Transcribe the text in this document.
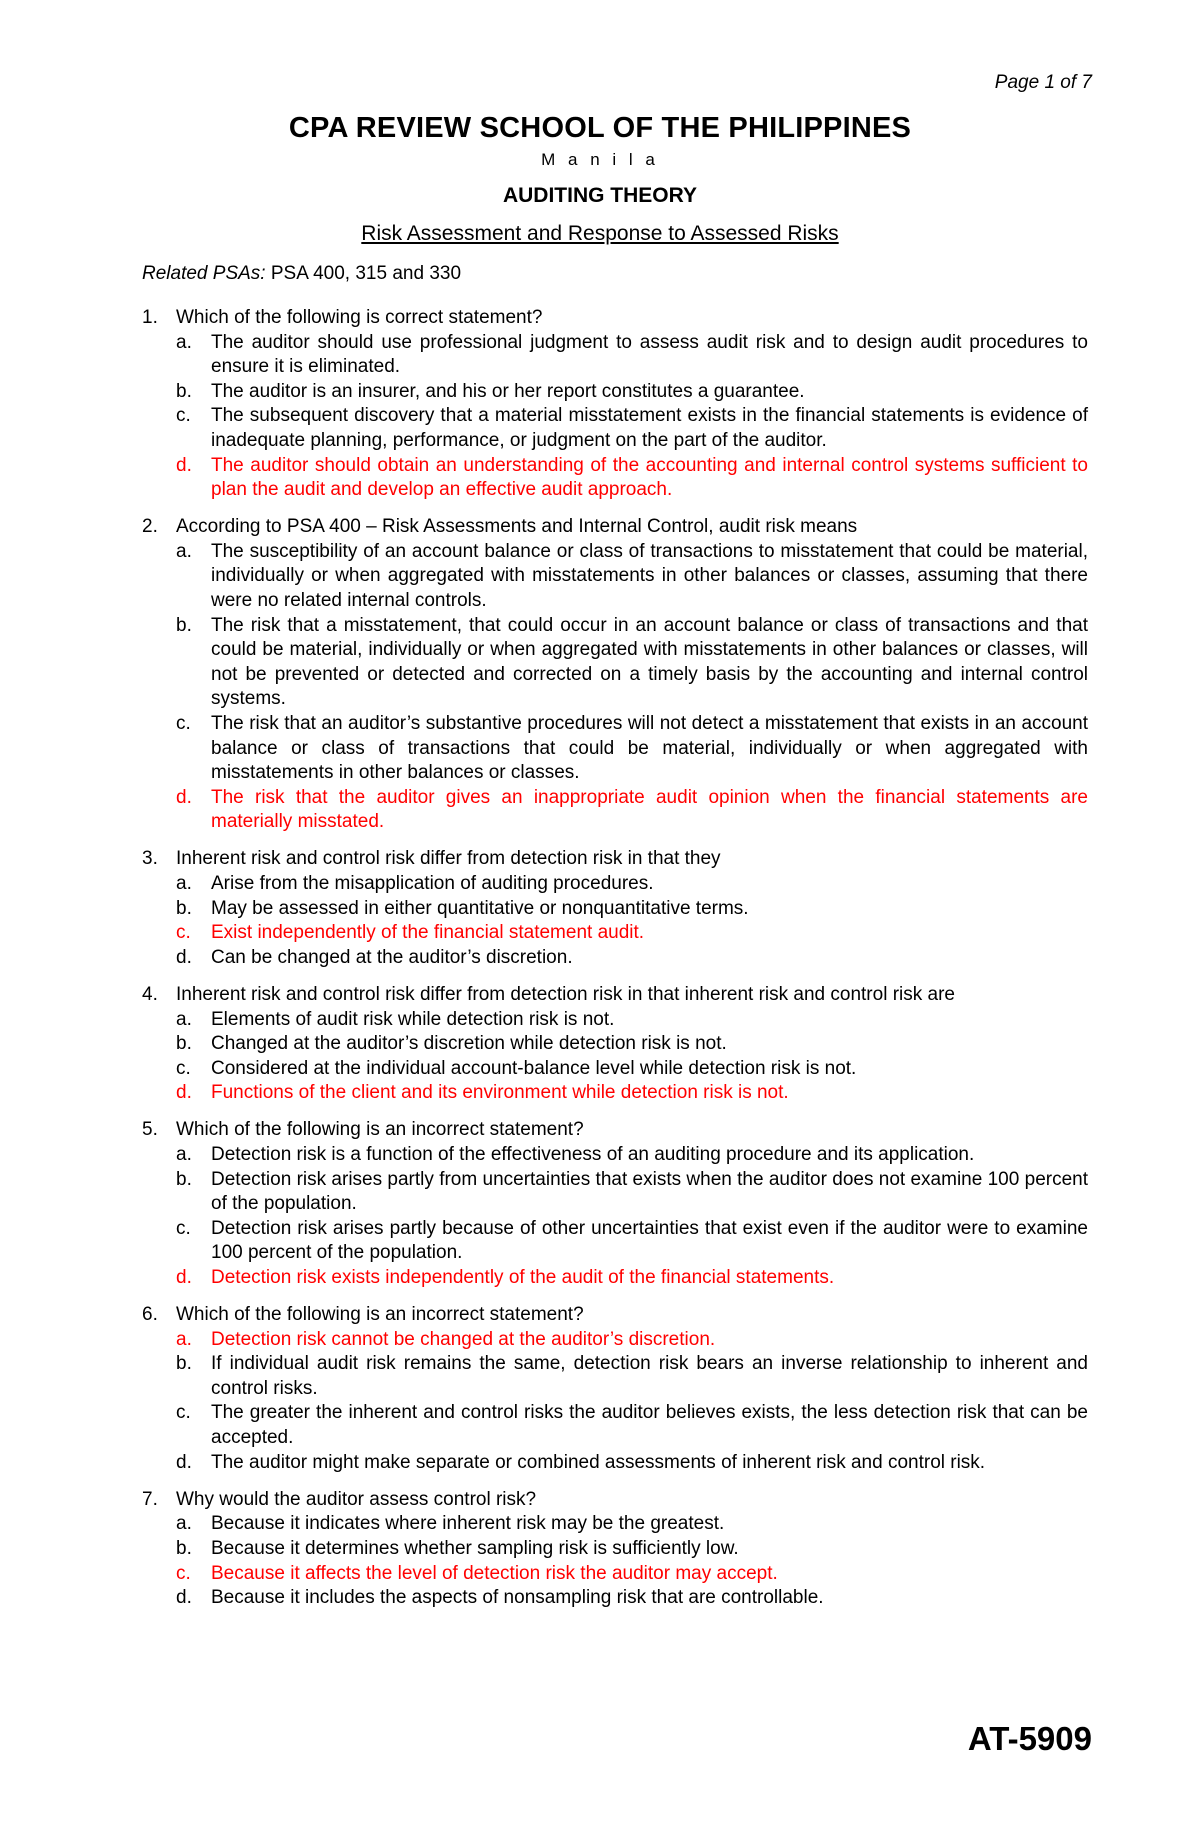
Page 1 of 7
CPA REVIEW SCHOOL OF THE PHILIPPINES
M a n i l a
AUDITING THEORY
Risk Assessment and Response to Assessed Risks
Related PSAs: PSA 400, 315 and 330
1. Which of the following is correct statement?
a.	The auditor should use professional judgment to assess audit risk and to design audit procedures to ensure it is eliminated.
b.	The auditor is an insurer, and his or her report constitutes a guarantee.
c.	The subsequent discovery that a material misstatement exists in the financial statements is evidence of inadequate planning, performance, or judgment on the part of the auditor.
d.	The auditor should obtain an understanding of the accounting and internal control systems sufficient to plan the audit and develop an effective audit approach.
2. According to PSA 400 – Risk Assessments and Internal Control, audit risk means
a.	The susceptibility of an account balance or class of transactions to misstatement that could be material, individually or when aggregated with misstatements in other balances or classes, assuming that there were no related internal controls.
b.	The risk that a misstatement, that could occur in an account balance or class of transactions and that could be material, individually or when aggregated with misstatements in other balances or classes, will not be prevented or detected and corrected on a timely basis by the accounting and internal control systems.
c.	The risk that an auditor’s substantive procedures will not detect a misstatement that exists in an account balance or class of transactions that could be material, individually or when aggregated with misstatements in other balances or classes.
d.	The risk that the auditor gives an inappropriate audit opinion when the financial statements are materially misstated.
3. Inherent risk and control risk differ from detection risk in that they
a.	Arise from the misapplication of auditing procedures.
b.	May be assessed in either quantitative or nonquantitative terms.
c.	Exist independently of the financial statement audit.
d.	Can be changed at the auditor’s discretion.
4. Inherent risk and control risk differ from detection risk in that inherent risk and control risk are
a.	Elements of audit risk while detection risk is not.
b.	Changed at the auditor’s discretion while detection risk is not.
c.	Considered at the individual account-balance level while detection risk is not.
d.	Functions of the client and its environment while detection risk is not.
5. Which of the following is an incorrect statement?
a.	Detection risk is a function of the effectiveness of an auditing procedure and its application.
b.	Detection risk arises partly from uncertainties that exists when the auditor does not examine 100 percent of the population.
c.	Detection risk arises partly because of other uncertainties that exist even if the auditor were to examine 100 percent of the population.
d.	Detection risk exists independently of the audit of the financial statements.
6. Which of the following is an incorrect statement?
a.	Detection risk cannot be changed at the auditor’s discretion.
b.	If individual audit risk remains the same, detection risk bears an inverse relationship to inherent and control risks.
c.	The greater the inherent and control risks the auditor believes exists, the less detection risk that can be accepted.
d.	The auditor might make separate or combined assessments of inherent risk and control risk.
7. Why would the auditor assess control risk?
a.	Because it indicates where inherent risk may be the greatest.
b.	Because it determines whether sampling risk is sufficiently low.
c.	Because it affects the level of detection risk the auditor may accept.
d.	Because it includes the aspects of nonsampling risk that are controllable.
AT-5909
